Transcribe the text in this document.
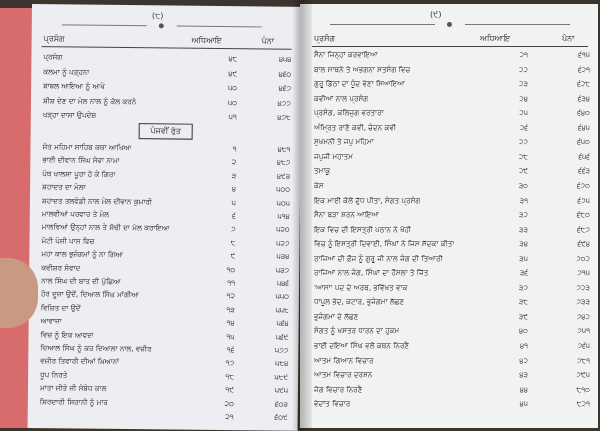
(੮)
ਪ੍ਰਸੰਗ	ਅਧਿਆਇ	ਪੰਨਾ
ਪ੍ਰਸੰਗ	੪੮	੪੫੪
ਕਲਮਾ ਨੂੰ ਪੜ੍ਹਨਾ	੪੯	੪੬੦
ਬਾਬਲ ਆਇਆ ਨੂੰ ਆਖੇ	੫੦	੪੬੭
ਸ਼ੀਸ਼ ਦੇਣ ਦਾ ਮੇਲ ਨਾਲ ਨੂੰ ਕੋਲ ਕਰਨੇ	੫੦	੪੭੭
ਖੜ੍ਹਾ ਦਾਸਾ ਉਪਦੇਸ਼	੫੧	੪੭੮
ਪੰਜਵੀਂ ਰੁੱਤ
ਸੰਤ ਮਹਿਮਾ ਸਾਹਿਬ ਕਥਾ ਆਖਿਆ	੧	੪੮੧
ਭਾਈ ਦੀਵਾਨ ਸਿੰਘ ਸੇਵਾ ਨਾਮਾ	੨	੪੮੭
ਪੰਥ ਖਾਲਸਾ ਪੂਰਾ ਹੋ ਕੇ ਗਿਰਾ	੩	੪੯੩
ਸ਼ਹਾਦਤ ਦਾ ਮੇਲਾ	੪	੫੦੦
ਸ਼ਹਾਦਤ ਤਲਵੰਡੀ ਨਾਲ ਮੇਲ ਦੀਵਾਨ ਕੁਮਾਰੀ	੫	੫੦੫
ਮਾਲਵੀਆਂ ਪਰਵਾਰ ਤੇ ਮੇਲ	੬	੫੧੪
ਮਾਲਵਿਆਂ ਉਨ੍ਹਾਂ ਨਾਲ ਤੇ ਸੋਢੀ ਦਾ ਮੇਲ ਕਰਾਇਆ	੭	੫੨੦
ਮੋਟੀ ਪੰਜੀ ਪਾਸ ਵਿਚ	੮	੫੨੭
ਮਹਾ ਕਾਲ ਭੁਜੰਗਮਾਂ ਨੂੰ ਨਾ ਗਿਆ	੯	੫੩੪
ਕਵੀਸ਼ਰ ਸੰਵਾਦ	੧੦	੫੩੭
ਨਾਲ ਸਿੰਘ ਦੀ ਬਾਤ ਦੀ ਪੁੱਛਿਆ	੧੧	੫੪੬
ਹੋਰ ਦੂਜਾ ਉਦੋਂ, ਦਿਆਲ ਸਿੰਘ ਮਾਂਗੀਆ	੧੨	੫੫੦
ਵਿਜ਼ਿਤ ਦਾ ਉਦੋਂ	੧੩	੫੫੮
ਆਵਾਜਾ	੧੪	੫੬੪
ਵਿਚ ਨੂੰ ਇਕ ਆਵਦਾ	੧੫	੫੬੯
ਦਿਆਲ ਸਿੰਘ ਨੂੰ ਕਰ ਦਿਆਲਾ ਨਾਲ, ਵਜ਼ੀਰ	੧੬	੫੭੭
ਵਜ਼ੀਰ ਤਿਵਾਰੀ ਦੀਆਂ ਖ਼ਿਆਨਾਂ	੧੭	੫੮੪
ਧੂਪ ਨਿਰਤੇ	੧੮	੫੮੯
ਮਾਤਾ ਜੀਤੋ ਜੀ ਸੰਬੰਧ ਕਾਲ	੧੯	੫੯੫
ਸਿਰਦਾਰੀ ਸਿਰਾਨੀ ਨੂੰ ਮਾਰ	੨੦	੬੦੩
੨੧	੬੦੯
(੯)
ਪ੍ਰਸੰਗ	ਅਧਿਆਇ	ਪੰਨਾ
ਸੈਨਾ ਜਿਨ੍ਹਾਂ ਕਰਵਾਇਆ	੨੧	੬੧੫
ਬਾਲ ਸਾਥਨੇ ਤੇ ਅਭਗਨਾ ਸਤਸੰਗ ਵਿਚ	੨੨	੬੨੧
ਗੁਰੂ ਡਿੱਠਾਂ ਦਾ ਧੂੰਦ ਵੇਣਾ ਸਿਆਇਆ	੨੩	੬੨੮
ਕਵੀਆਂ ਨਾਲ ਪ੍ਰਸੰਗ	੨੪	੬੩੪
ਪ੍ਰਸੰਗ, ਕਲਿਜੁਗ ਵਰਤਾਰਾ	੨੫	੬੪੦
ਅੰਮ੍ਰਿਤ ਰਾਣੋ ਕਵੀ, ਚੰਦਨ ਕਵੀ	੨੬	੬੪੫
ਸੁਖਮਨੀ ਤੇ ਜਪੁ ਮਹਿਮਾ	੨੭	੬੫੦
ਜਪੁਜੀ ਮਹਾਤਮ	੨੮	੬੫੬
ਤਮਾਕੂ	੨੯	੬੬੩
ਕੇਸ	੩੦	੬੭੦
ਇਕ ਮਾਈ ਕੋਲੋਂ ਦੁੱਧ ਪੀਤਾ, ਸੰਗਤ ਪ੍ਰਸੰਗ	੩੧	੬੭੫
ਸੈਨਾ ਬੜਾ ਸ਼ਰਨ ਆਇਆ	੩੨	੬੮੦
ਇਕ ਵਿਚ ਦੀ ਇਸਤ੍ਰੀ ਪਠਾਨ ਨੇ ਖੋਹੀ	੩੩	੬੮੭
ਵਿਚ ਨੂੰ ਇਸਤ੍ਰੀ ਦਿਵਾਈ, ਸਿੰਘਾਂ ਨੇ ਜਿਸ ਸੱਦਕਾ ਕੀਤਾ	੩੪	੬੯੪
ਰਾਜਿਆਂ ਦੀ ਫ਼ੌਜ ਨੂੰ ਗੁਰੂ ਜੀ ਨਾਲ ਜੰਗ ਦੀ ਤਿਆਰੀ	੩੫	੭੦੨
ਰਾਜਿਆਂ ਨਾਲ ਜੰਗ, ਸਿੰਘਾਂ ਦਾ ਹੌਸਲਾ ਤੇ ਜਿੱਤ	੩੬	੭੧੫
'ਆਸਾ' ਪਦ ਦੇ ਅਰਥ, ਭਵਿੱਖਤ ਵਾਕ	੩੭	੭੨੩
ਧਾਪੂਲ ਭੇਦ, ਕਟਾਰ, ਭੁਜੰਗਮਾ ਲੱਛਣ	੩੮	੭੩੩
ਭੁਜੰਗਮਾ ਦੇ ਲੱਛਣ	੩੯	੭੪੨
ਸੰਗਤ ਨੂੰ ਖਸਤਰ ਧਾਰਨ ਦਾ ਹੁਕਮ	੪੦	੭੫੧
ਭਾਈ ਦਇਆ ਸਿੰਘ ਵਲੋਂ ਕਥਨ ਨਿਰਣੈ	੪੧	੭੬੫
ਆਤਮ ਗਿਆਨ ਵਿਚਾਰ	੪੨	੭੮੧
ਆਤਮ ਵਿਚਾਰ ਦਰਸ਼ਨ	੪੩	੭੯੫
ਜੋਗ ਵਿਚਾਰ ਨਿਰਣੈ	੪੪	੮੧੦
ਵੇਦਾਂਤ ਵਿਚਾਰ	੪੫	੮੨੧
